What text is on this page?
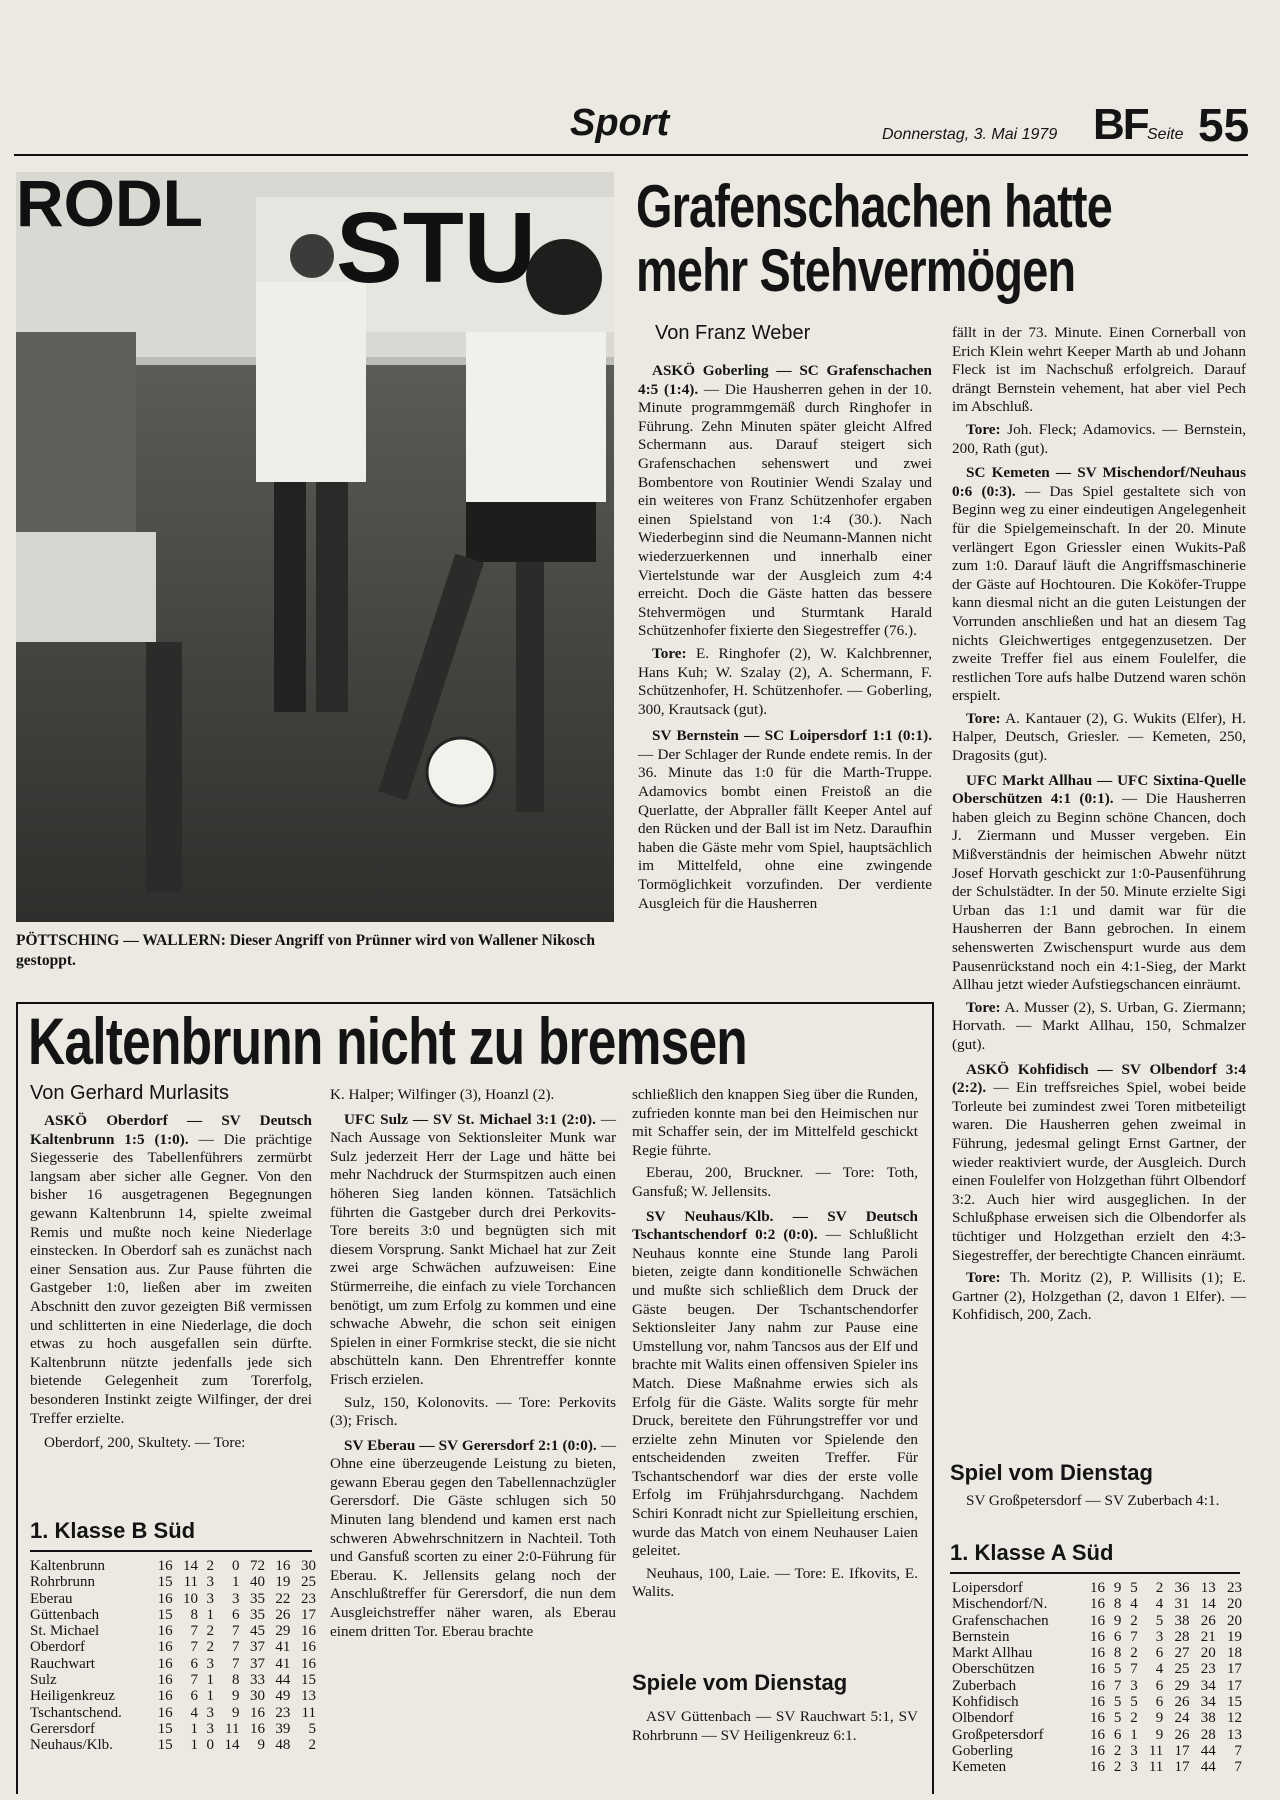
Sport	Donnerstag, 3. Mai 1979 BF Seite 55
RODL STU
PÖTTSCHING — WALLERN: Dieser Angriff von Prünner wird von Wallener Nikosch gestoppt.
Grafenschachen hatte
mehr Stehvermögen
Von Franz Weber

ASKÖ Goberling — SC Grafenschachen 4:5 (1:4). — Die Hausherren gehen in der 10. Minute programmgemäß durch Ringhofer in Führung. Zehn Minuten später gleicht Alfred Schermann aus. Darauf steigert sich Grafenschachen sehenswert und zwei Bombentore von Routinier Wendi Szalay und ein weiteres von Franz Schützenhofer ergaben einen Spielstand von 1:4 (30.). Nach Wiederbeginn sind die Neumann-Mannen nicht wiederzuerkennen und innerhalb einer Viertelstunde war der Ausgleich zum 4:4 erreicht. Doch die Gäste hatten das bessere Stehvermögen und Sturmtank Harald Schützenhofer fixierte den Siegestreffer (76.).

Tore: E. Ringhofer (2), W. Kalchbrenner, Hans Kuh; W. Szalay (2), A. Schermann, F. Schützenhofer, H. Schützenhofer. — Goberling, 300, Krautsack (gut).

SV Bernstein — SC Loipersdorf 1:1 (0:1). — Der Schlager der Runde endete remis. In der 36. Minute das 1:0 für die Marth-Truppe. Adamovics bombt einen Freistoß an die Querlatte, der Abpraller fällt Keeper Antel auf den Rücken und der Ball ist im Netz. Daraufhin haben die Gäste mehr vom Spiel, hauptsächlich im Mittelfeld, ohne eine zwingende Tormöglichkeit vorzufinden. Der verdiente Ausgleich für die Hausherren

fällt in der 73. Minute. Einen Cornerball von Erich Klein wehrt Keeper Marth ab und Johann Fleck ist im Nachschuß erfolgreich. Darauf drängt Bernstein vehement, hat aber viel Pech im Abschluß.

Tore: Joh. Fleck; Adamovics. — Bernstein, 200, Rath (gut).

SC Kemeten — SV Mischendorf/Neuhaus 0:6 (0:3). — Das Spiel gestaltete sich von Beginn weg zu einer eindeutigen Angelegenheit für die Spielgemeinschaft. In der 20. Minute verlängert Egon Griessler einen Wukits-Paß zum 1:0. Darauf läuft die Angriffsmaschinerie der Gäste auf Hochtouren. Die Koköfer-Truppe kann diesmal nicht an die guten Leistungen der Vorrunden anschließen und hat an diesem Tag nichts Gleichwertiges entgegenzusetzen. Der zweite Treffer fiel aus einem Foulelfer, die restlichen Tore aufs halbe Dutzend waren schön erspielt.

Tore: A. Kantauer (2), G. Wukits (Elfer), H. Halper, Deutsch, Griesler. — Kemeten, 250, Dragosits (gut).

UFC Markt Allhau — UFC Sixtina-Quelle Oberschützen 4:1 (0:1). — Die Hausherren haben gleich zu Beginn schöne Chancen, doch J. Ziermann und Musser vergeben. Ein Mißverständnis der heimischen Abwehr nützt Josef Horvath geschickt zur 1:0-Pausenführung der Schulstädter. In der 50. Minute erzielte Sigi Urban das 1:1 und damit war für die Hausherren der Bann gebrochen. In einem sehenswerten Zwischenspurt wurde aus dem Pausenrückstand noch ein 4:1-Sieg, der Markt Allhau jetzt wieder Aufstiegschancen einräumt.

Tore: A. Musser (2), S. Urban, G. Ziermann; Horvath. — Markt Allhau, 150, Schmalzer (gut).

ASKÖ Kohfidisch — SV Olbendorf 3:4 (2:2). — Ein treffsreiches Spiel, wobei beide Torleute bei zumindest zwei Toren mitbeteiligt waren. Die Hausherren gehen zweimal in Führung, jedesmal gelingt Ernst Gartner, der wieder reaktiviert wurde, der Ausgleich. Durch einen Foulelfer von Holzgethan führt Olbendorf 3:2. Auch hier wird ausgeglichen. In der Schlußphase erweisen sich die Olbendorfer als tüchtiger und Holzgethan erzielt den 4:3-Siegestreffer, der berechtigte Chancen einräumt.

Tore: Th. Moritz (2), P. Willisits (1); E. Gartner (2), Holzgethan (2, davon 1 Elfer). — Kohfidisch, 200, Zach.

Spiel vom Dienstag

SV Großpetersdorf — SV Zuberbach 4:1.

1. Klasse A Süd
Loipersdorf	16	9	5	2	36	13	23
Mischendorf/N.	16	8	4	4	31	14	20
Grafenschachen	16	9	2	5	38	26	20
Bernstein	16	6	7	3	28	21	19
Markt Allhau	16	8	2	6	27	20	18
Oberschützen	16	5	7	4	25	23	17
Zuberbach	16	7	3	6	29	34	17
Kohfidisch	16	5	5	6	26	34	15
Olbendorf	16	5	2	9	24	38	12
Großpetersdorf	16	6	1	9	26	28	13
Goberling	16	2	3	11	17	44	7
Kemeten	16	2	3	11	17	44	7
Kaltenbrunn nicht zu bremsen
Von Gerhard Murlasits

ASKÖ Oberdorf — SV Deutsch Kaltenbrunn 1:5 (1:0). — Die prächtige Siegesserie des Tabellenführers zermürbt langsam aber sicher alle Gegner. Von den bisher 16 ausgetragenen Begegnungen gewann Kaltenbrunn 14, spielte zweimal Remis und mußte noch keine Niederlage einstecken. In Oberdorf sah es zunächst nach einer Sensation aus. Zur Pause führten die Gastgeber 1:0, ließen aber im zweiten Abschnitt den zuvor gezeigten Biß vermissen und schlitterten in eine Niederlage, die doch etwas zu hoch ausgefallen sein dürfte. Kaltenbrunn nützte jedenfalls jede sich bietende Gelegenheit zum Torerfolg, besonderen Instinkt zeigte Wilfinger, der drei Treffer erzielte.

Oberdorf, 200, Skultety. — Tore:

1. Klasse B Süd
Kaltenbrunn	16	14	2	0	72	16	30
Rohrbrunn	15	11	3	1	40	19	25
Eberau	16	10	3	3	35	22	23
Güttenbach	15	8	1	6	35	26	17
St. Michael	16	7	2	7	45	29	16
Oberdorf	16	7	2	7	37	41	16
Rauchwart	16	6	3	7	37	41	16
Sulz	16	7	1	8	33	44	15
Heiligenkreuz	16	6	1	9	30	49	13
Tschantschend.	16	4	3	9	16	23	11
Gerersdorf	15	1	3	11	16	39	5
Neuhaus/Klb.	15	1	0	14	9	48	2

K. Halper; Wilfinger (3), Hoanzl (2).

UFC Sulz — SV St. Michael 3:1 (2:0). — Nach Aussage von Sektionsleiter Munk war Sulz jederzeit Herr der Lage und hätte bei mehr Nachdruck der Sturmspitzen auch einen höheren Sieg landen können. Tatsächlich führten die Gastgeber durch drei Perkovits-Tore bereits 3:0 und begnügten sich mit diesem Vorsprung. Sankt Michael hat zur Zeit zwei arge Schwächen aufzuweisen: Eine Stürmerreihe, die einfach zu viele Torchancen benötigt, um zum Erfolg zu kommen und eine schwache Abwehr, die schon seit einigen Spielen in einer Formkrise steckt, die sie nicht abschütteln kann. Den Ehrentreffer konnte Frisch erzielen.

Sulz, 150, Kolonovits. — Tore: Perkovits (3); Frisch.

SV Eberau — SV Gerersdorf 2:1 (0:0). — Ohne eine überzeugende Leistung zu bieten, gewann Eberau gegen den Tabellennachzügler Gerersdorf. Die Gäste schlugen sich 50 Minuten lang blendend und kamen erst nach schweren Abwehrschnitzern in Nachteil. Toth und Gansfuß scorten zu einer 2:0-Führung für Eberau. K. Jellensits gelang noch der Anschlußtreffer für Gerersdorf, die nun dem Ausgleichstreffer näher waren, als Eberau einem dritten Tor. Eberau brachte

schließlich den knappen Sieg über die Runden, zufrieden konnte man bei den Heimischen nur mit Schaffer sein, der im Mittelfeld geschickt Regie führte.

Eberau, 200, Bruckner. — Tore: Toth, Gansfuß; W. Jellensits.

SV Neuhaus/Klb. — SV Deutsch Tschantschendorf 0:2 (0:0). — Schlußlicht Neuhaus konnte eine Stunde lang Paroli bieten, zeigte dann konditionelle Schwächen und mußte sich schließlich dem Druck der Gäste beugen. Der Tschantschendorfer Sektionsleiter Jany nahm zur Pause eine Umstellung vor, nahm Tancsos aus der Elf und brachte mit Walits einen offensiven Spieler ins Match. Diese Maßnahme erwies sich als Erfolg für die Gäste. Walits sorgte für mehr Druck, bereitete den Führungstreffer vor und erzielte zehn Minuten vor Spielende den entscheidenden zweiten Treffer. Für Tschantschendorf war dies der erste volle Erfolg im Frühjahrsdurchgang. Nachdem Schiri Konradt nicht zur Spielleitung erschien, wurde das Match von einem Neuhauser Laien geleitet.

Neuhaus, 100, Laie. — Tore: E. Ifkovits, E. Walits.

Spiele vom Dienstag

ASV Güttenbach — SV Rauchwart 5:1, SV Rohrbrunn — SV Heiligenkreuz 6:1.
